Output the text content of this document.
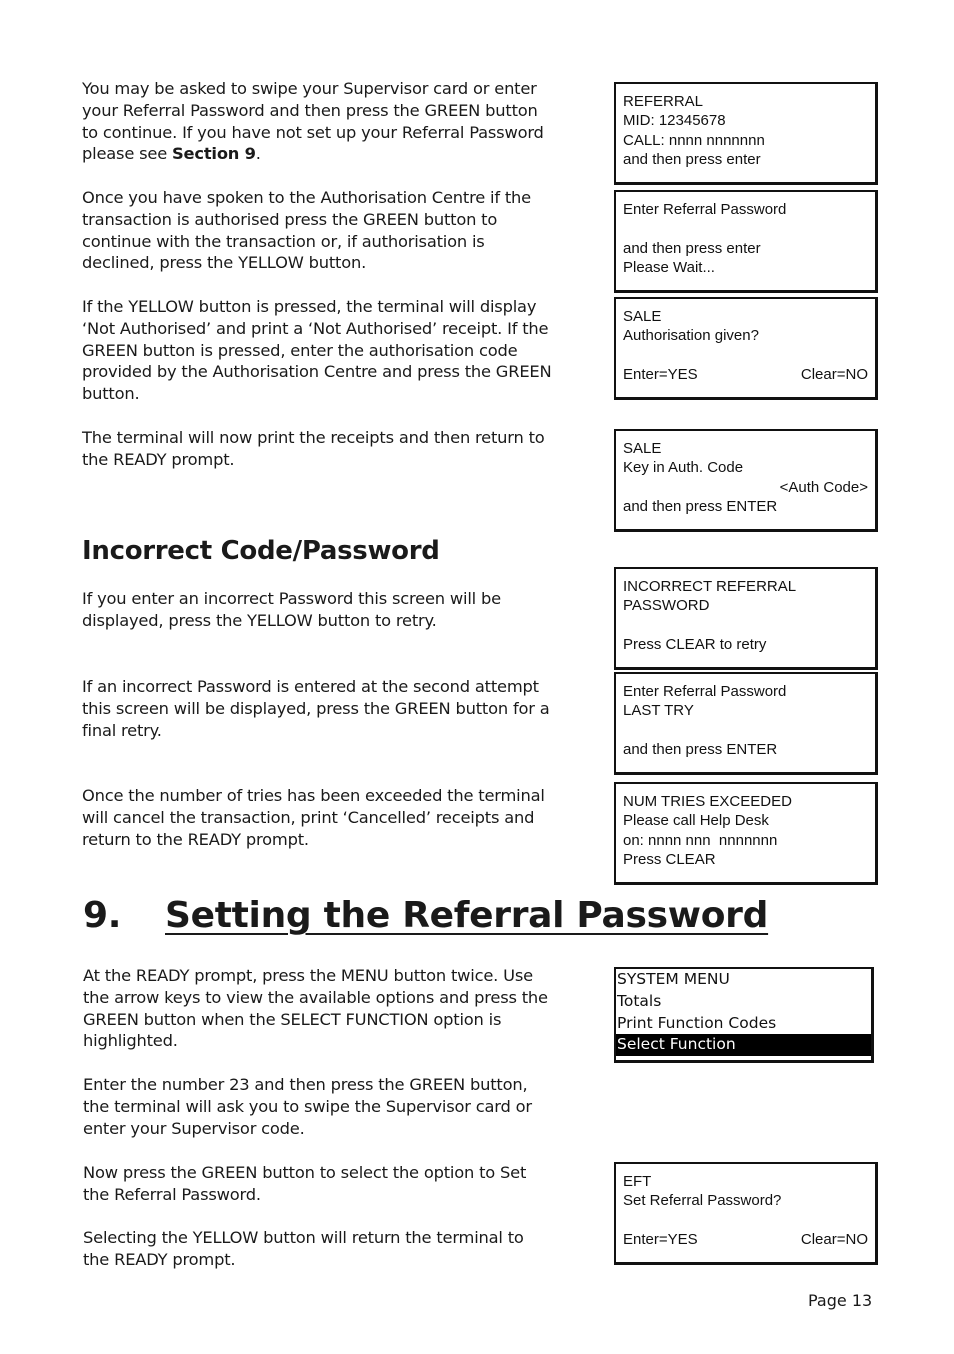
You may be asked to swipe your Supervisor card or enter your Referral Password and then press the GREEN button to continue. If you have not set up your Referral Password please see Section 9.

Once you have spoken to the Authorisation Centre if the transaction is authorised press the GREEN button to continue with the transaction or, if authorisation is declined, press the YELLOW button.

If the YELLOW button is pressed, the terminal will display ‘Not Authorised’ and print a ‘Not Authorised’ receipt. If the GREEN button is pressed, enter the authorisation code provided by the Authorisation Centre and press the GREEN button.

The terminal will now print the receipts and then return to the READY prompt.

Incorrect Code/Password

If you enter an incorrect Password this screen will be displayed, press the YELLOW button to retry.

If an incorrect Password is entered at the second attempt this screen will be displayed, press the GREEN button for a final retry.

Once the number of tries has been exceeded the terminal will cancel the transaction, print ‘Cancelled’ receipts and return to the READY prompt.

9. Setting the Referral Password

At the READY prompt, press the MENU button twice. Use the arrow keys to view the available options and press the GREEN button when the SELECT FUNCTION option is highlighted.

Enter the number 23 and then press the GREEN button, the terminal will ask you to swipe the Supervisor card or enter your Supervisor code.

Now press the GREEN button to select the option to Set the Referral Password.

Selecting the YELLOW button will return the terminal to the READY prompt.

REFERRAL
MID: 12345678
CALL: nnnn nnnnnnn
and then press enter
Enter Referral Password
and then press enter
Please Wait...
SALE
Authorisation given?
Enter=YES	Clear=NO
SALE
Key in Auth. Code
<Auth Code>
and then press ENTER
INCORRECT REFERRAL
PASSWORD
Press CLEAR to retry
Enter Referral Password
LAST TRY
and then press ENTER
NUM TRIES EXCEEDED
Please call Help Desk
on: nnnn nnn  nnnnnnn
Press CLEAR
SYSTEM MENU
Totals
Print Function Codes
Select Function
EFT
Set Referral Password?
Enter=YES	Clear=NO

Page 13
